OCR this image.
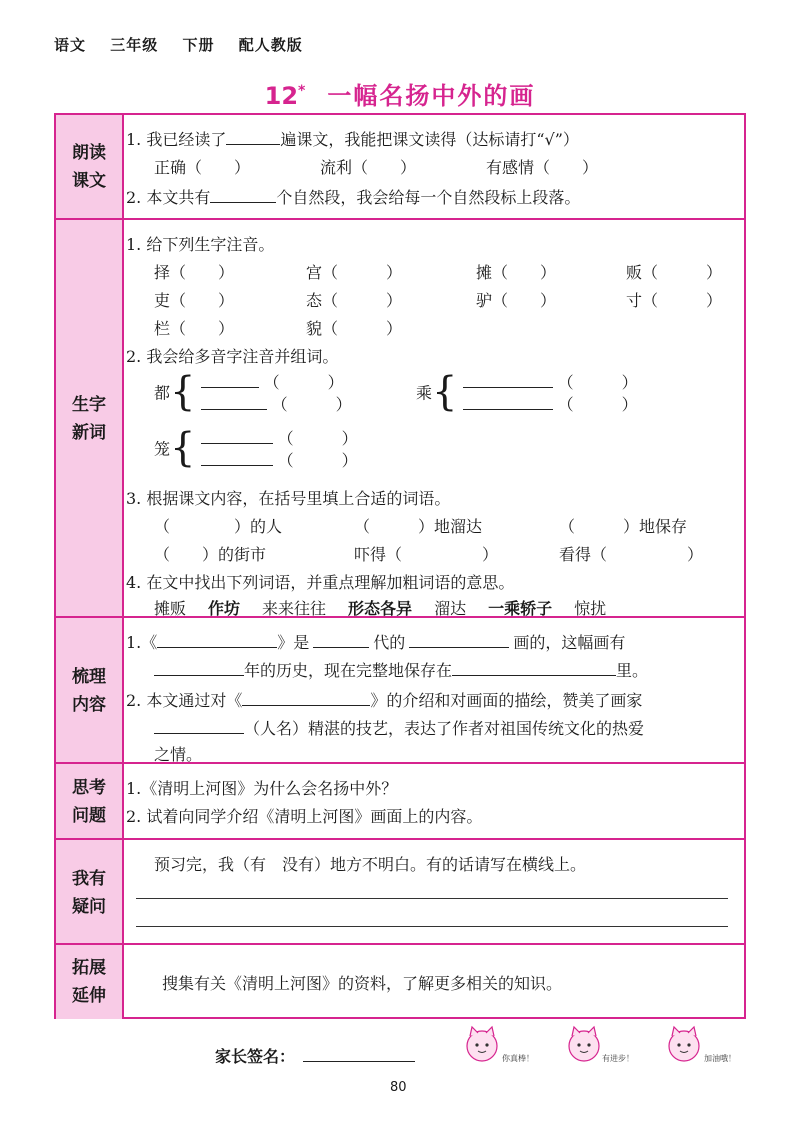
语文 三年级 下册 配人教版
12* 一幅名扬中外的画
朗读
课文
1. 我已经读了	遍课文，我能把课文读得（达标请打“√”）
正确（　　）	流利（　　）	有感情（　　）
2. 本文共有	个自然段，我会给每一个自然段标上段落。
生字
新词
1. 给下列生字注音。
择（　　）	宫（　　　）	摊（　　）	贩（　　　）
吏（　　）	态（　　　）	驴（　　）	寸（　　　）
栏（　　）	貌（　　　）
2. 我会给多音字注音并组词。
都{	（　　　）
（　　　）
乘{	（　　　）
（　　　）
笼{	（　　　）
（　　　）
3. 根据课文内容，在括号里填上合适的词语。
（　　　　）的人	（　　　）地溜达	（　　　）地保存
（　　）的街市	吓得（　　　　　）	看得（　　　　　）
4. 在文中找出下列词语，并重点理解加粗词语的意思。
摊贩 作坊 来来往往 形态各异 溜达 一乘轿子 惊扰
梳理
内容
1.《	》是	代的	画的，这幅画有
年的历史，现在完整地保存在	里。
2. 本文通过对《	》的介绍和对画面的描绘，赞美了画家
（人名）精湛的技艺，表达了作者对祖国传统文化的热爱
之情。
思考
问题
1.《清明上河图》为什么会名扬中外？
2. 试着向同学介绍《清明上河图》画面上的内容。
我有
疑问
预习完，我（有　没有）地方不明白。有的话请写在横线上。
拓展
延伸
搜集有关《清明上河图》的资料，了解更多相关的知识。
家长签名：	你真棒！	有进步！	加油哦！
80
